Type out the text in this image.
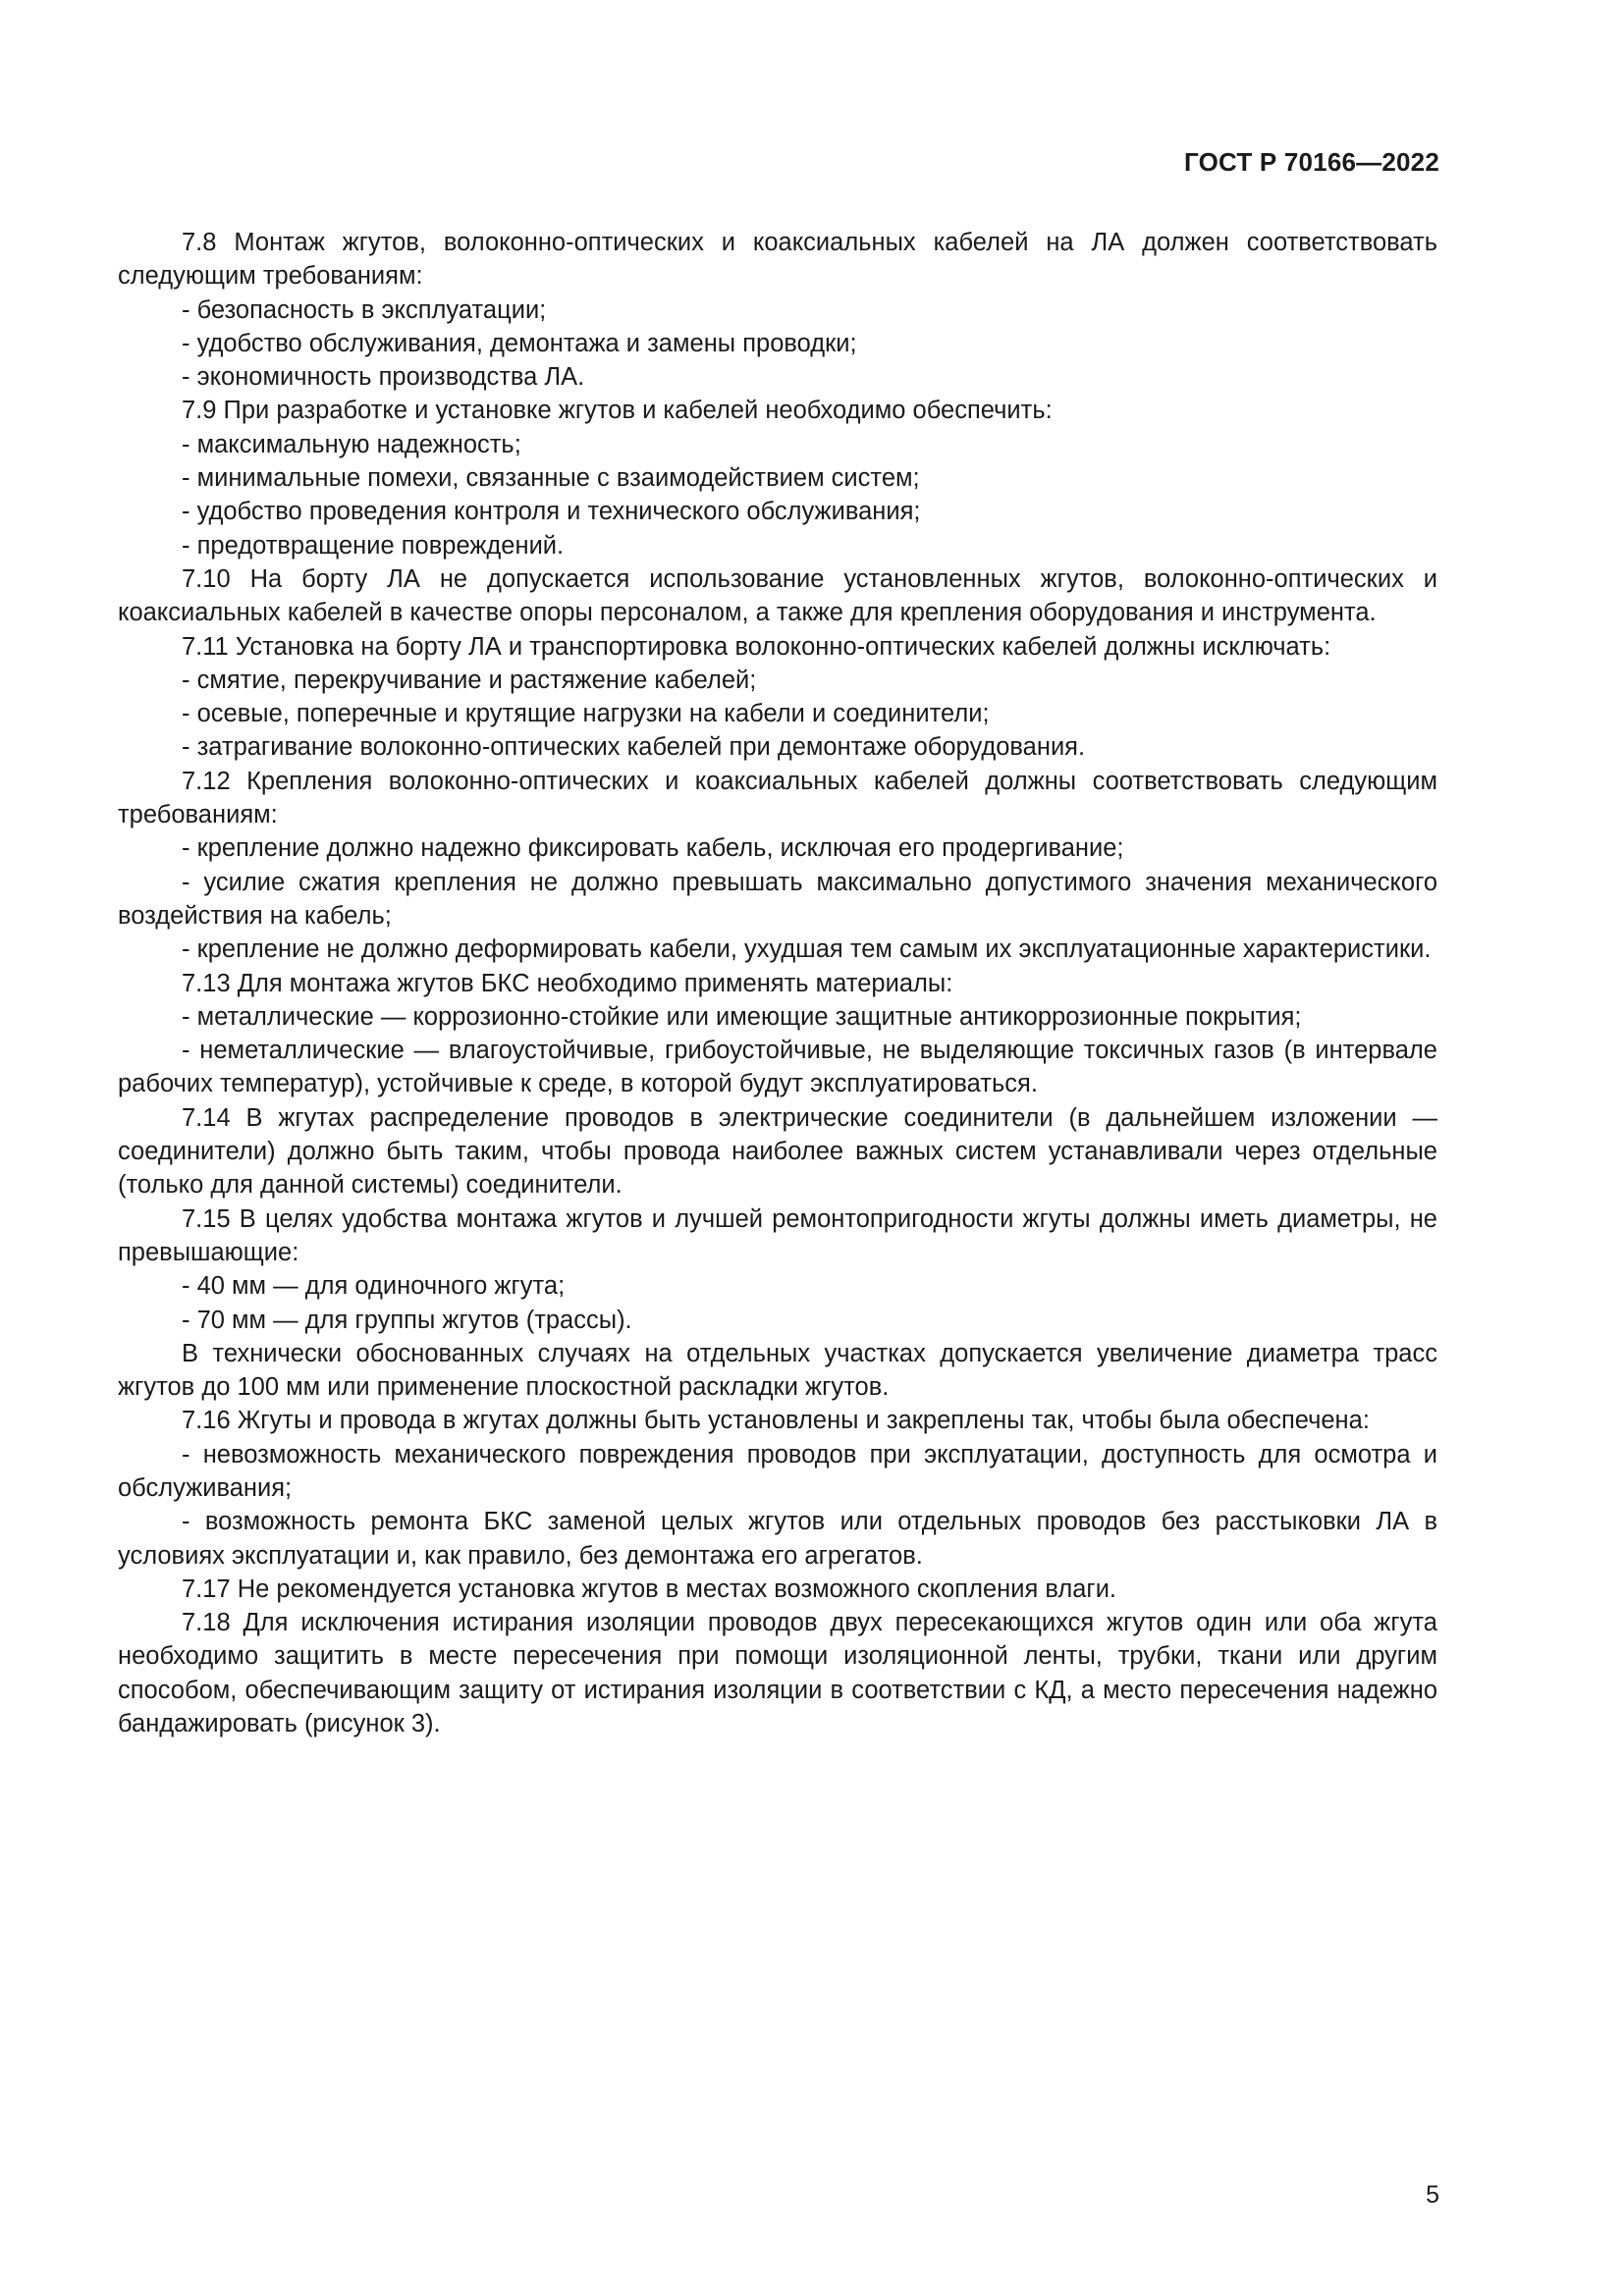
ГОСТ Р 70166—2022

7.8 Монтаж жгутов, волоконно-оптических и коаксиальных кабелей на ЛА должен соответствовать следующим требованиям:

- безопасность в эксплуатации;

- удобство обслуживания, демонтажа и замены проводки;

- экономичность производства ЛА.

7.9 При разработке и установке жгутов и кабелей необходимо обеспечить:

- максимальную надежность;

- минимальные помехи, связанные с взаимодействием систем;

- удобство проведения контроля и технического обслуживания;

- предотвращение повреждений.

7.10 На борту ЛА не допускается использование установленных жгутов, волоконно-оптических и коаксиальных кабелей в качестве опоры персоналом, а также для крепления оборудования и инструмента.

7.11 Установка на борту ЛА и транспортировка волоконно-оптических кабелей должны исключать:

- смятие, перекручивание и растяжение кабелей;

- осевые, поперечные и крутящие нагрузки на кабели и соединители;

- затрагивание волоконно-оптических кабелей при демонтаже оборудования.

7.12 Крепления волоконно-оптических и коаксиальных кабелей должны соответствовать следующим требованиям:

- крепление должно надежно фиксировать кабель, исключая его продергивание;

- усилие сжатия крепления не должно превышать максимально допустимого значения механического воздействия на кабель;

- крепление не должно деформировать кабели, ухудшая тем самым их эксплуатационные характеристики.

7.13 Для монтажа жгутов БКС необходимо применять материалы:

- металлические — коррозионно-стойкие или имеющие защитные антикоррозионные покрытия;

- неметаллические — влагоустойчивые, грибоустойчивые, не выделяющие токсичных газов (в интервале рабочих температур), устойчивые к среде, в которой будут эксплуатироваться.

7.14 В жгутах распределение проводов в электрические соединители (в дальнейшем изложении — соединители) должно быть таким, чтобы провода наиболее важных систем устанавливали через отдельные (только для данной системы) соединители.

7.15 В целях удобства монтажа жгутов и лучшей ремонтопригодности жгуты должны иметь диаметры, не превышающие:

- 40 мм — для одиночного жгута;

- 70 мм — для группы жгутов (трассы).

В технически обоснованных случаях на отдельных участках допускается увеличение диаметра трасс жгутов до 100 мм или применение плоскостной раскладки жгутов.

7.16 Жгуты и провода в жгутах должны быть установлены и закреплены так, чтобы была обеспечена:

- невозможность механического повреждения проводов при эксплуатации, доступность для осмотра и обслуживания;

- возможность ремонта БКС заменой целых жгутов или отдельных проводов без расстыковки ЛА в условиях эксплуатации и, как правило, без демонтажа его агрегатов.

7.17 Не рекомендуется установка жгутов в местах возможного скопления влаги.

7.18 Для исключения истирания изоляции проводов двух пересекающихся жгутов один или оба жгута необходимо защитить в месте пересечения при помощи изоляционной ленты, трубки, ткани или другим способом, обеспечивающим защиту от истирания изоляции в соответствии с КД, а место пересечения надежно бандажировать (рисунок 3).

5
